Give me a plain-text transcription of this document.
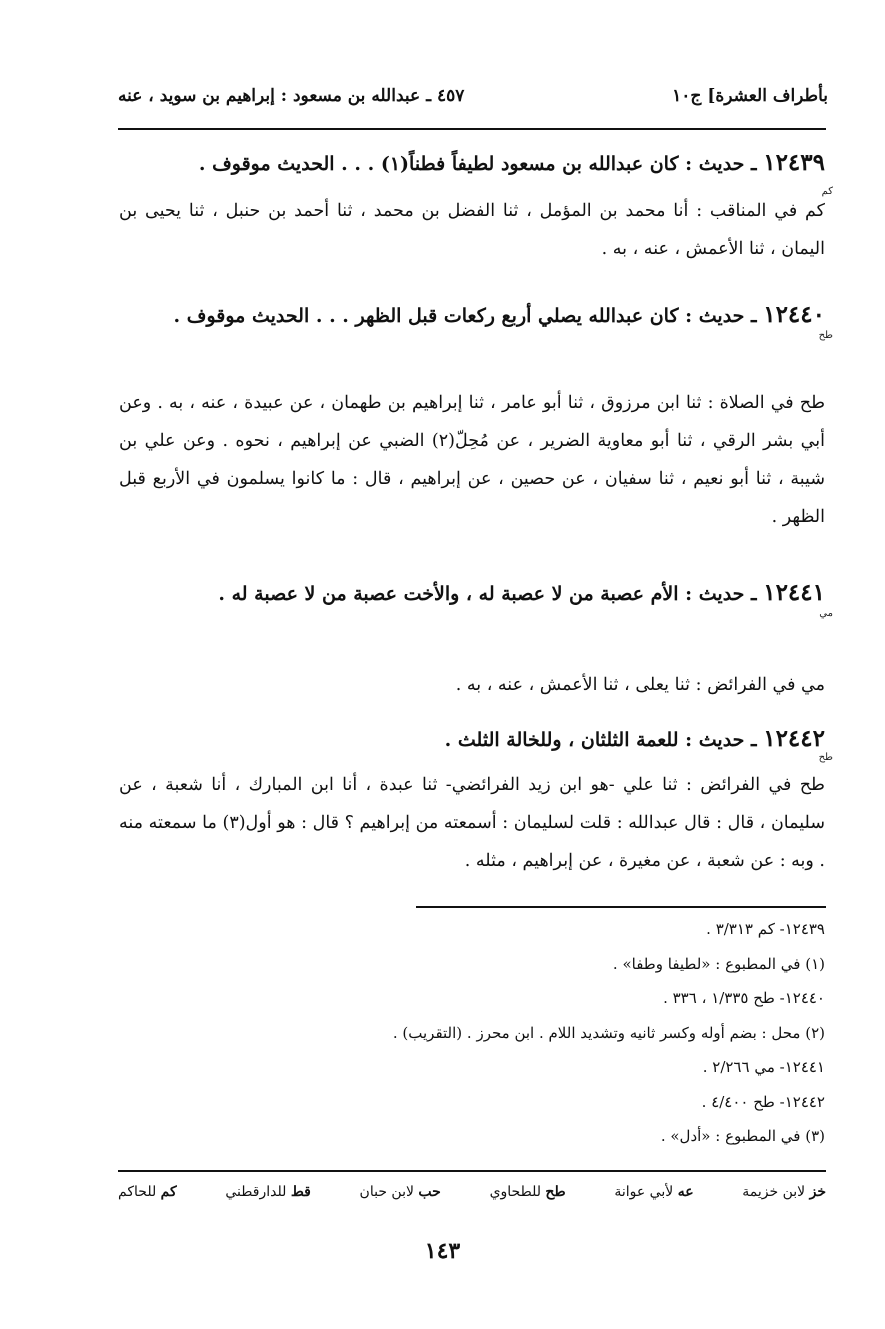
بأطراف العشرة] ج١٠
٤٥٧ ـ عبدالله بن مسعود : إبراهيم بن سويد ، عنه
١٢٤٣٩ ـ حديث : كان عبدالله بن مسعود لطيفاً فطناً(١) . . . الحديث موقوف .
كم
كم في المناقب : أنا محمد بن المؤمل ، ثنا الفضل بن محمد ، ثنا أحمد بن حنبل ، ثنا يحيى بن اليمان ، ثنا الأعمش ، عنه ، به .
١٢٤٤٠ ـ حديث : كان عبدالله يصلي أربع ركعات قبل الظهر . . . الحديث موقوف .
طح
طح في الصلاة : ثنا ابن مرزوق ، ثنا أبو عامر ، ثنا إبراهيم بن طهمان ، عن عبيدة ، عنه ، به . وعن أبي بشر الرقي ، ثنا أبو معاوية الضرير ، عن مُحِلّ(٢) الضبي عن إبراهيم ، نحوه . وعن علي بن شيبة ، ثنا أبو نعيم ، ثنا سفيان ، عن حصين ، عن إبراهيم ، قال : ما كانوا يسلمون في الأربع قبل الظهر .
١٢٤٤١ ـ حديث : الأم عصبة من لا عصبة له ، والأخت عصبة من لا عصبة له .
مي
مي في الفرائض : ثنا يعلى ، ثنا الأعمش ، عنه ، به .
١٢٤٤٢ ـ حديث : للعمة الثلثان ، وللخالة الثلث .
طح
طح في الفرائض : ثنا علي -هو ابن زيد الفرائضي- ثنا عبدة ، أنا ابن المبارك ، أنا شعبة ، عن سليمان ، قال : قال عبدالله : قلت لسليمان : أسمعته من إبراهيم ؟ قال : هو أول(٣) ما سمعته منه . وبه : عن شعبة ، عن مغيرة ، عن إبراهيم ، مثله .
١٢٤٣٩- كم ٣/٣١٣ .
(١) في المطبوع : «لطيفا وطفا» .
١٢٤٤٠- طح ١/٣٣٥ ، ٣٣٦ .
(٢) محل : بضم أوله وكسر ثانيه وتشديد اللام . ابن محرز . (التقريب) .
١٢٤٤١- مي ٢/٢٦٦ .
١٢٤٤٢- طح ٤/٤٠٠ .
(٣) في المطبوع : «أدل» .
خز لابن خزيمة
عه لأبي عوانة
طح للطحاوي
حب لابن حبان
قط للدارقطني
كم للحاكم
١٤٣
